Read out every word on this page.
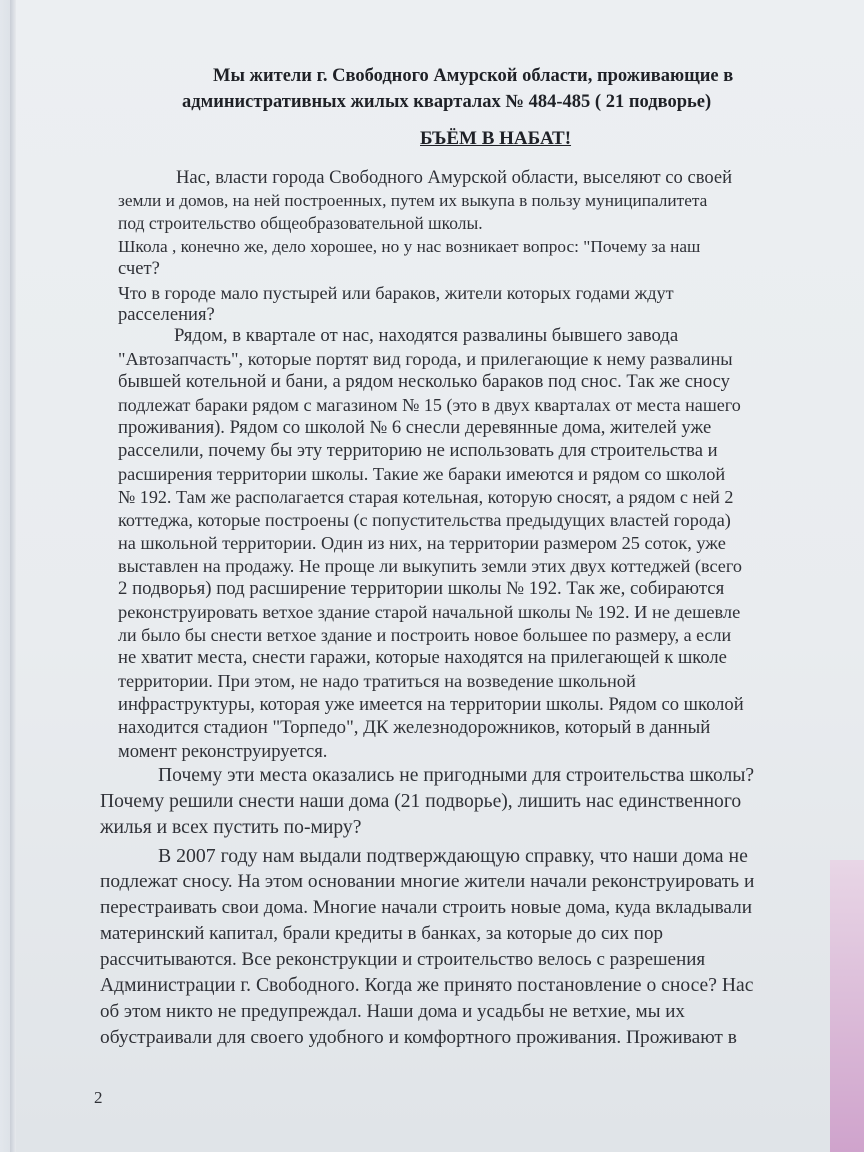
Мы жители г. Свободного Амурской области, проживающие в
административных жилых кварталах № 484-485 ( 21 подворье)
БЪЁМ В НАБАТ!
Нас, власти города Свободного Амурской области, выселяют со своей
земли и домов, на ней построенных, путем их выкупа в пользу муниципалитета
под строительство общеобразовательной школы.
Школа , конечно же, дело хорошее, но у нас возникает вопрос: "Почему за наш
счет?
Что в городе мало пустырей или бараков, жители которых годами ждут
расселения?
Рядом, в квартале от нас, находятся развалины бывшего завода
"Автозапчасть", которые портят вид города, и прилегающие к нему развалины
бывшей котельной и бани, а рядом несколько бараков под снос. Так же сносу
подлежат бараки рядом с магазином № 15 (это в двух кварталах от места нашего
проживания). Рядом со школой № 6 снесли деревянные дома, жителей уже
расселили, почему бы эту территорию не использовать для строительства и
расширения территории школы. Такие же бараки имеются и рядом со школой
№ 192. Там же располагается старая котельная, которую сносят, а рядом с ней 2
коттеджа, которые построены (с попустительства предыдущих властей города)
на школьной территории. Один из них, на территории размером 25 соток, уже
выставлен на продажу. Не проще ли выкупить земли этих двух коттеджей (всего
2 подворья) под расширение территории школы № 192. Так же, собираются
реконструировать ветхое здание старой начальной школы № 192. И не дешевле
ли было бы снести ветхое здание и построить новое большее по размеру, а если
не хватит места, снести гаражи, которые находятся на прилегающей к школе
территории. При этом, не надо тратиться на возведение школьной
инфраструктуры, которая уже имеется на территории школы. Рядом со школой
находится стадион "Торпедо", ДК железнодорожников, который в данный
момент реконструируется.
Почему эти места оказались не пригодными для строительства школы?
Почему решили снести наши дома (21 подворье), лишить нас единственного
жилья и всех пустить по-миру?
В 2007 году нам выдали подтверждающую справку, что наши дома не
подлежат сносу. На этом основании многие жители начали реконструировать и
перестраивать свои дома. Многие начали строить новые дома, куда вкладывали
материнский капитал, брали кредиты в банках, за которые до сих пор
рассчитываются. Все реконструкции и строительство велось с разрешения
Администрации г. Свободного. Когда же принято постановление о сносе? Нас
об этом никто не предупреждал. Наши дома и усадьбы не ветхие, мы их
обустраивали для своего удобного и комфортного проживания. Проживают в
2
